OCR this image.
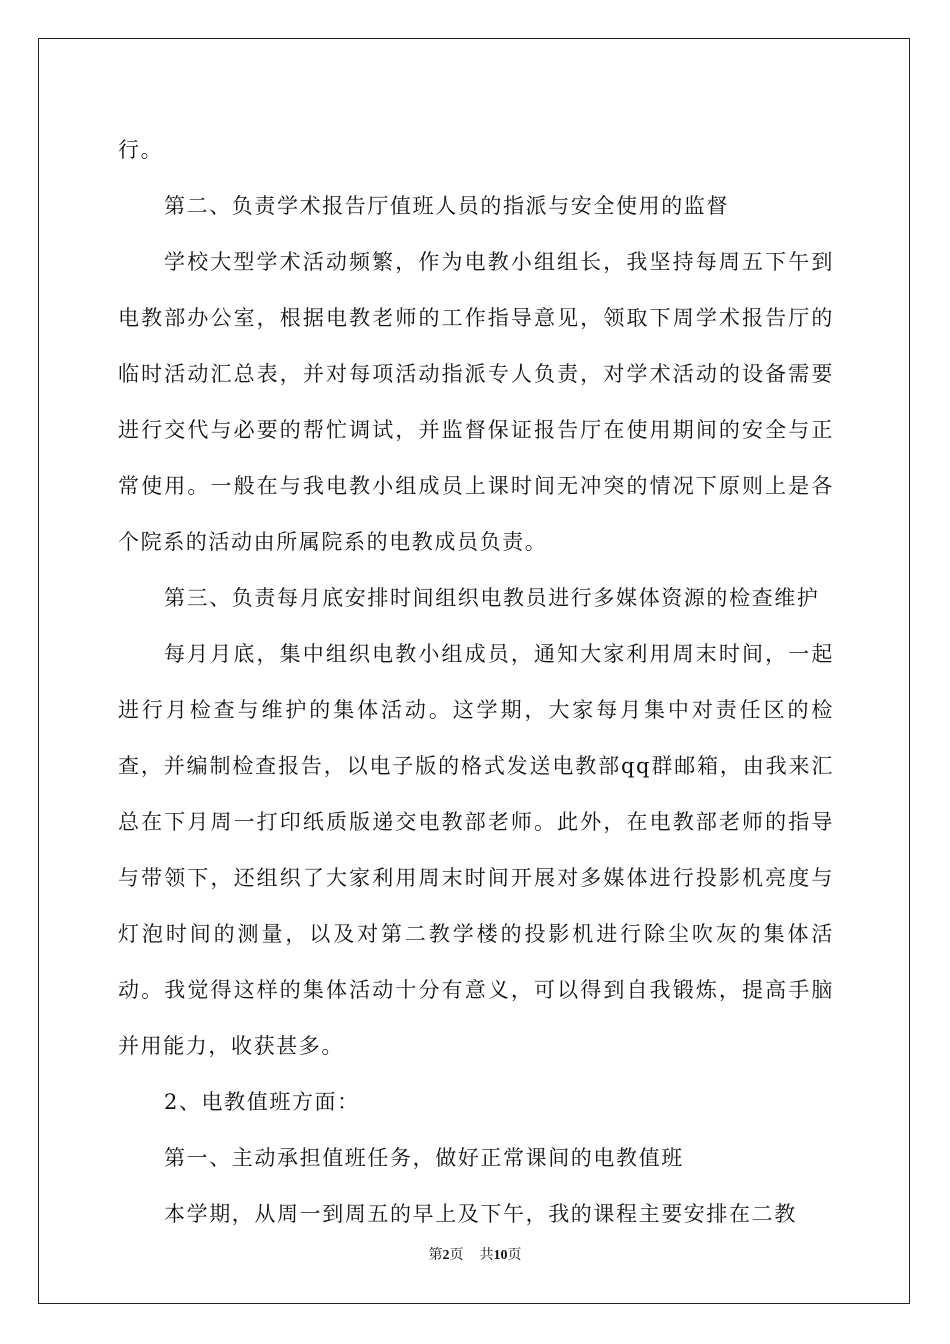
行。

第二、负责学术报告厅值班人员的指派与安全使用的监督

学校大型学术活动频繁，作为电教小组组长，我坚持每周五下午到电教部办公室，根据电教老师的工作指导意见，领取下周学术报告厅的临时活动汇总表，并对每项活动指派专人负责，对学术活动的设备需要进行交代与必要的帮忙调试，并监督保证报告厅在使用期间的安全与正常使用。一般在与我电教小组成员上课时间无冲突的情况下原则上是各个院系的活动由所属院系的电教成员负责。

第三、负责每月底安排时间组织电教员进行多媒体资源的检查维护

每月月底，集中组织电教小组成员，通知大家利用周末时间，一起进行月检查与维护的集体活动。这学期，大家每月集中对责任区的检查，并编制检查报告，以电子版的格式发送电教部qq群邮箱，由我来汇总在下月周一打印纸质版递交电教部老师。此外，在电教部老师的指导与带领下，还组织了大家利用周末时间开展对多媒体进行投影机亮度与灯泡时间的测量，以及对第二教学楼的投影机进行除尘吹灰的集体活动。我觉得这样的集体活动十分有意义，可以得到自我锻炼，提高手脑并用能力，收获甚多。

2、电教值班方面：

第一、主动承担值班任务，做好正常课间的电教值班

本学期，从周一到周五的早上及下午，我的课程主要安排在二教

第2页 共10页
